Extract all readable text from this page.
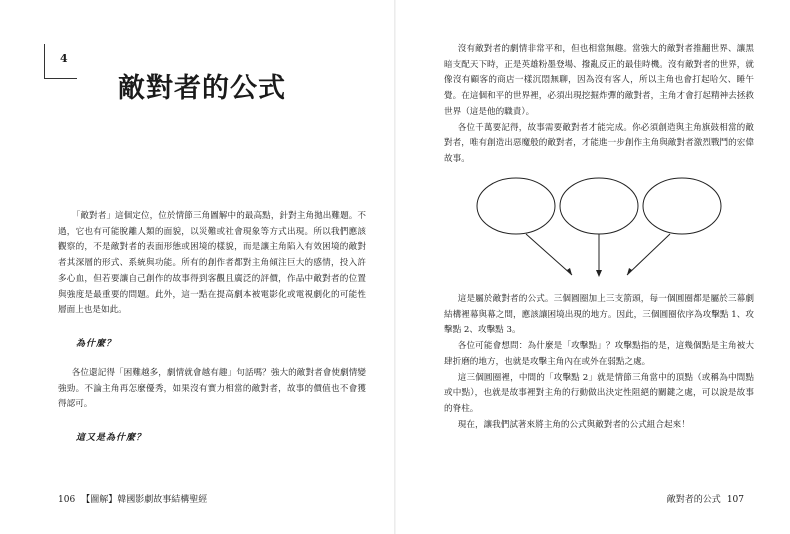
4
敵對者的公式

「敵對者」這個定位，位於情節三角圖解中的最高點，針對主角拋出難題。不過，它也有可能脫離人類的面貌，以災難或社會現象等方式出現。所以我們應該觀察的，不是敵對者的表面形態或困境的樣貌，而是讓主角陷入有效困境的敵對者其深層的形式、系統與功能。所有的創作者都對主角傾注巨大的感情，投入許多心血，但若要讓自己創作的故事得到客觀且廣泛的評價，作品中敵對者的位置與強度是最重要的問題。此外，這一點在提高劇本被電影化或電視劇化的可能性層面上也是如此。

為什麼？

各位還記得「困難越多，劇情就會越有趣」句話嗎？強大的敵對者會使劇情變強勁。不論主角再怎麼優秀，如果沒有實力相當的敵對者，故事的價值也不會獲得認可。

這又是為什麼？

106 【圖解】韓國影劇故事結構聖經

沒有敵對者的劇情非常平和，但也相當無趣。當強大的敵對者推翻世界、讓黑暗支配天下時，正是英雄粉墨登場、撥亂反正的最佳時機。沒有敵對者的世界，就像沒有顧客的商店一樣沉悶無聊，因為沒有客人，所以主角也會打起哈欠、睡午覺。在這個和平的世界裡，必須出現挖掘炸彈的敵對者，主角才會打起精神去拯救世界（這是他的職責）。

各位千萬要記得，故事需要敵對者才能完成。你必須創造與主角旗鼓相當的敵對者，唯有創造出惡魔般的敵對者，才能進一步創作主角與敵對者激烈戰鬥的宏偉故事。

這是屬於敵對者的公式。三個圓圈加上三支箭頭，每一個圓圈都是屬於三幕劇結構裡幕與幕之間，應該讓困境出現的地方。因此，三個圓圈依序為攻擊點 1、攻擊點 2、攻擊點 3。

各位可能會想問：為什麼是「攻擊點」？攻擊點指的是，這幾個點是主角被大肆折磨的地方，也就是攻擊主角內在或外在弱點之處。

這三個圓圈裡，中間的「攻擊點 2」就是情節三角當中的頂點（或稱為中間點或中點），也就是故事裡對主角的行動做出決定性阻絕的關鍵之處，可以說是故事的脊柱。

現在，讓我們試著來將主角的公式與敵對者的公式組合起來！

敵對者的公式 107
